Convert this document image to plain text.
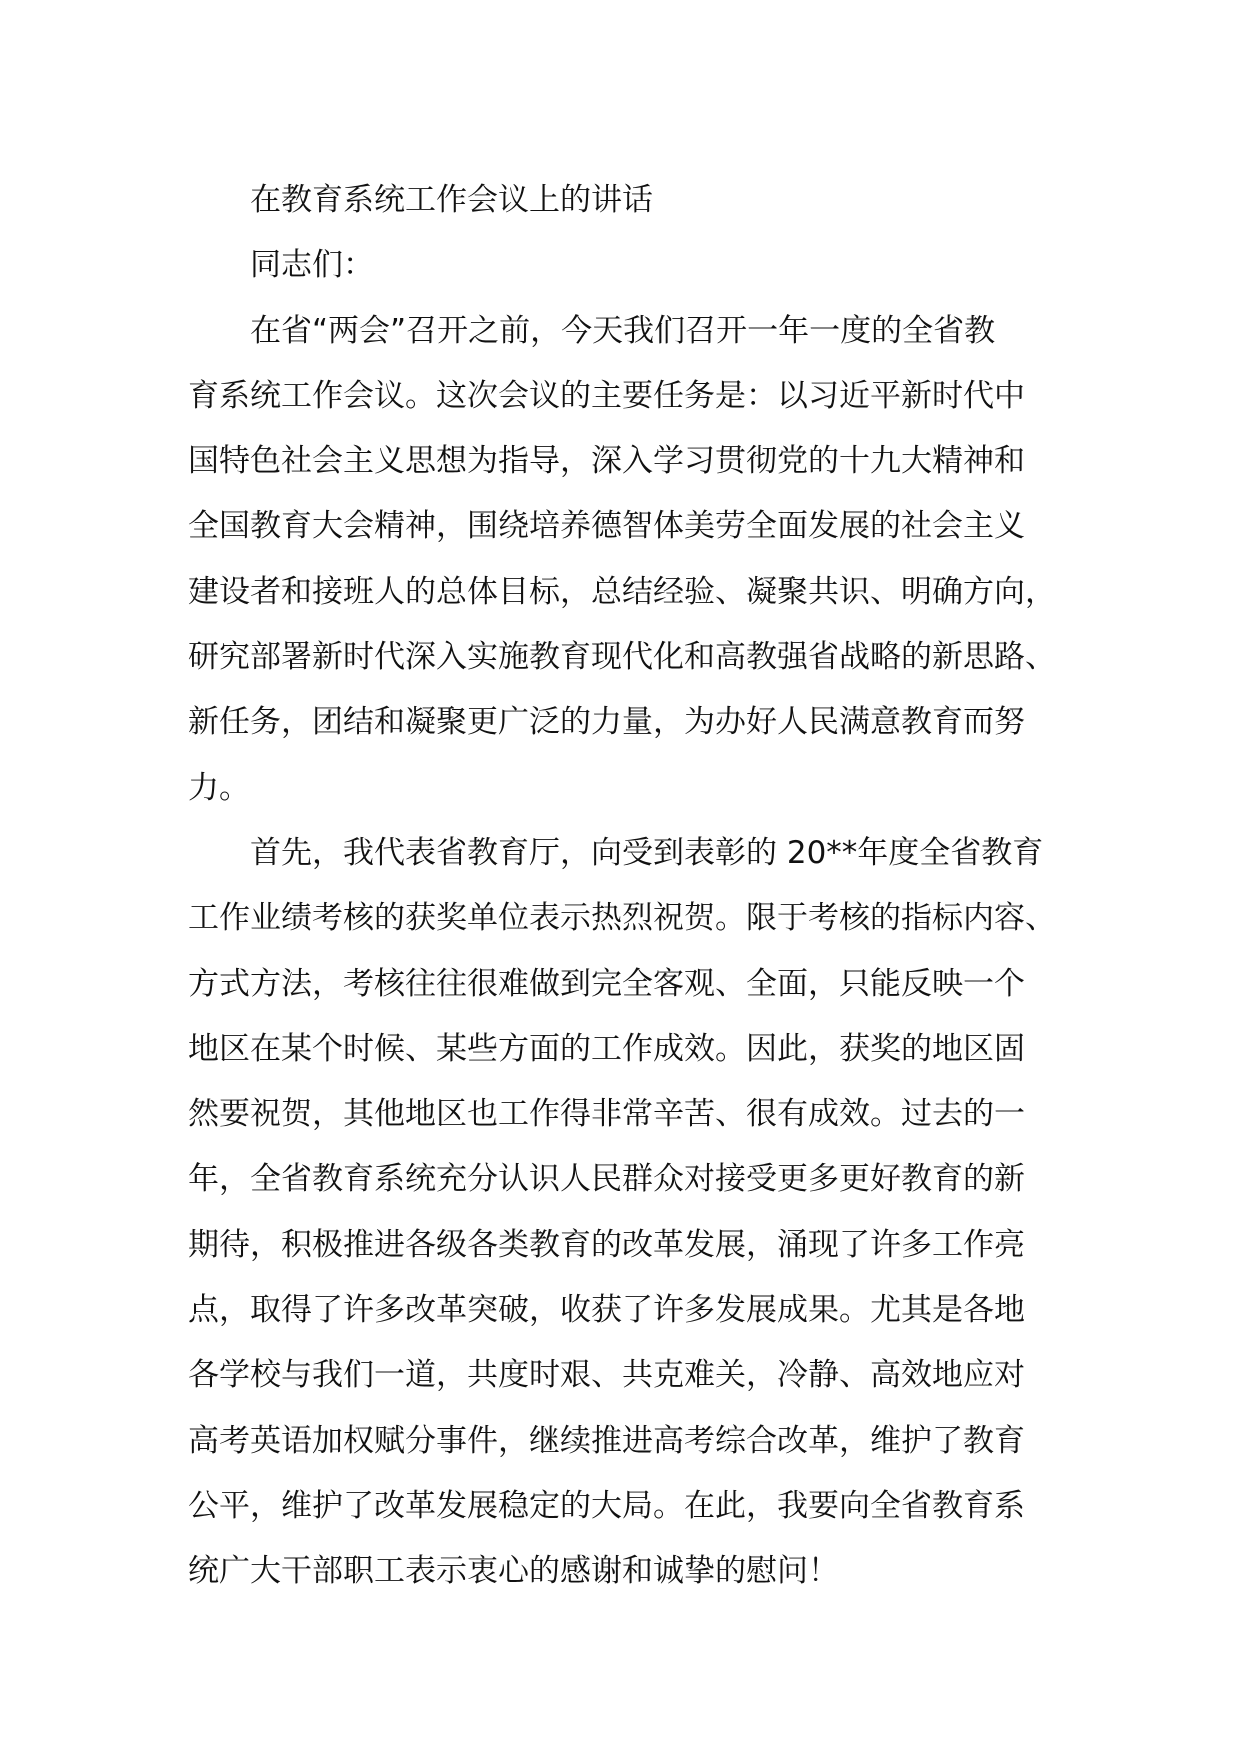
在教育系统工作会议上的讲话
同志们：
在省“两会”召开之前，今天我们召开一年一度的全省教
育系统工作会议。这次会议的主要任务是：以习近平新时代中
国特色社会主义思想为指导，深入学习贯彻党的十九大精神和
全国教育大会精神，围绕培养德智体美劳全面发展的社会主义
建设者和接班人的总体目标，总结经验、凝聚共识、明确方向，
研究部署新时代深入实施教育现代化和高教强省战略的新思路、
新任务，团结和凝聚更广泛的力量，为办好人民满意教育而努
力。
首先，我代表省教育厅，向受到表彰的 20**年度全省教育
工作业绩考核的获奖单位表示热烈祝贺。限于考核的指标内容、
方式方法，考核往往很难做到完全客观、全面，只能反映一个
地区在某个时候、某些方面的工作成效。因此，获奖的地区固
然要祝贺，其他地区也工作得非常辛苦、很有成效。过去的一
年，全省教育系统充分认识人民群众对接受更多更好教育的新
期待，积极推进各级各类教育的改革发展，涌现了许多工作亮
点，取得了许多改革突破，收获了许多发展成果。尤其是各地
各学校与我们一道，共度时艰、共克难关，冷静、高效地应对
高考英语加权赋分事件，继续推进高考综合改革，维护了教育
公平，维护了改革发展稳定的大局。在此，我要向全省教育系
统广大干部职工表示衷心的感谢和诚挚的慰问！
